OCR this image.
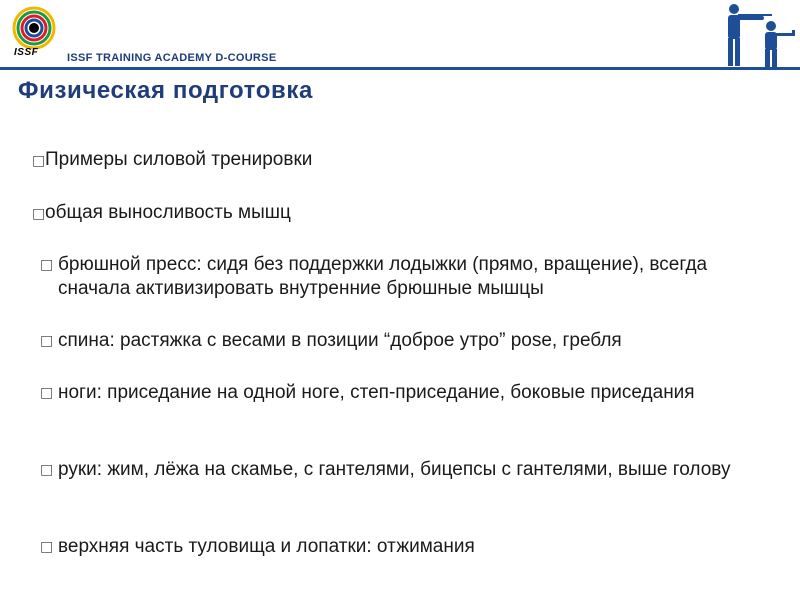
ISSF	ISSF TRAINING ACADEMY D-COURSE
Физическая подготовка
□Примеры силовой тренировки
□общая выносливость мышц
□ брюшной пресс: сидя без поддержки лодыжки (прямо, вращение), всегда сначала активизировать внутренние брюшные мышцы
□ спина: растяжка с весами в позиции “доброе утро” pose, гребля
□ ноги: приседание на одной ноге, степ-приседание, боковые приседания
□ руки: жим, лёжа на скамье, с гантелями, бицепсы с гантелями, выше голову
□ верхняя часть туловища и лопатки: отжимания
